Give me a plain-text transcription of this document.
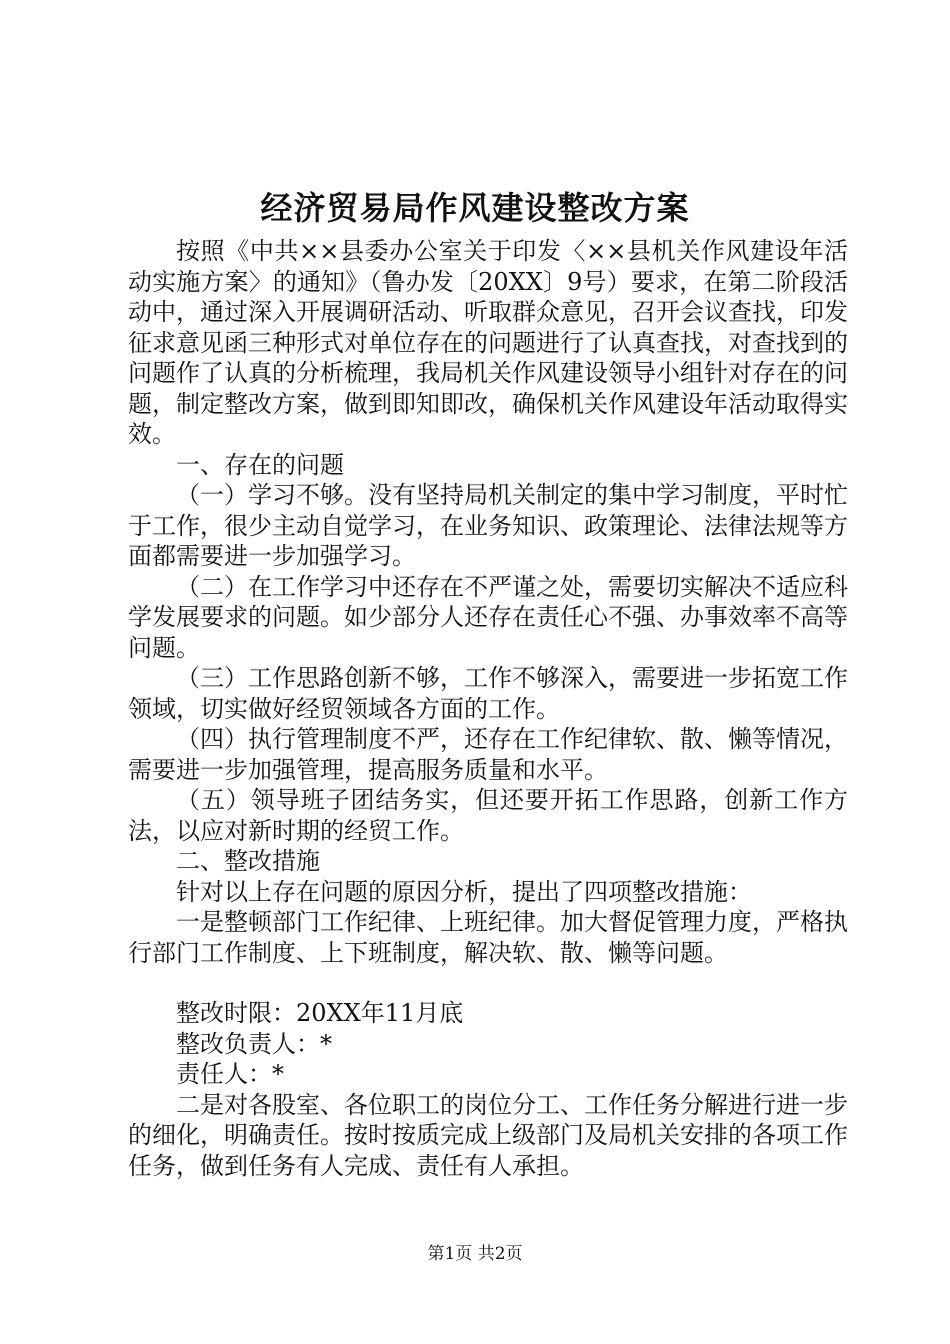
经济贸易局作风建设整改方案

按照《中共××县委办公室关于印发〈××县机关作风建设年活动实施方案〉的通知》（鲁办发〔20XX〕9号）要求，在第二阶段活动中，通过深入开展调研活动、听取群众意见，召开会议查找，印发征求意见函三种形式对单位存在的问题进行了认真查找，对查找到的问题作了认真的分析梳理，我局机关作风建设领导小组针对存在的问题，制定整改方案，做到即知即改，确保机关作风建设年活动取得实效。

一、存在的问题

（一）学习不够。没有坚持局机关制定的集中学习制度，平时忙于工作，很少主动自觉学习，在业务知识、政策理论、法律法规等方面都需要进一步加强学习。

（二）在工作学习中还存在不严谨之处，需要切实解决不适应科学发展要求的问题。如少部分人还存在责任心不强、办事效率不高等问题。

（三）工作思路创新不够，工作不够深入，需要进一步拓宽工作领域，切实做好经贸领域各方面的工作。

（四）执行管理制度不严，还存在工作纪律软、散、懒等情况，需要进一步加强管理，提高服务质量和水平。

（五）领导班子团结务实，但还要开拓工作思路，创新工作方法，以应对新时期的经贸工作。

二、整改措施

针对以上存在问题的原因分析，提出了四项整改措施：

一是整顿部门工作纪律、上班纪律。加大督促管理力度，严格执行部门工作制度、上下班制度，解决软、散、懒等问题。

整改时限：20XX年11月底

整改负责人：*

责任人：*

二是对各股室、各位职工的岗位分工、工作任务分解进行进一步的细化，明确责任。按时按质完成上级部门及局机关安排的各项工作任务，做到任务有人完成、责任有人承担。

第1页 共2页
